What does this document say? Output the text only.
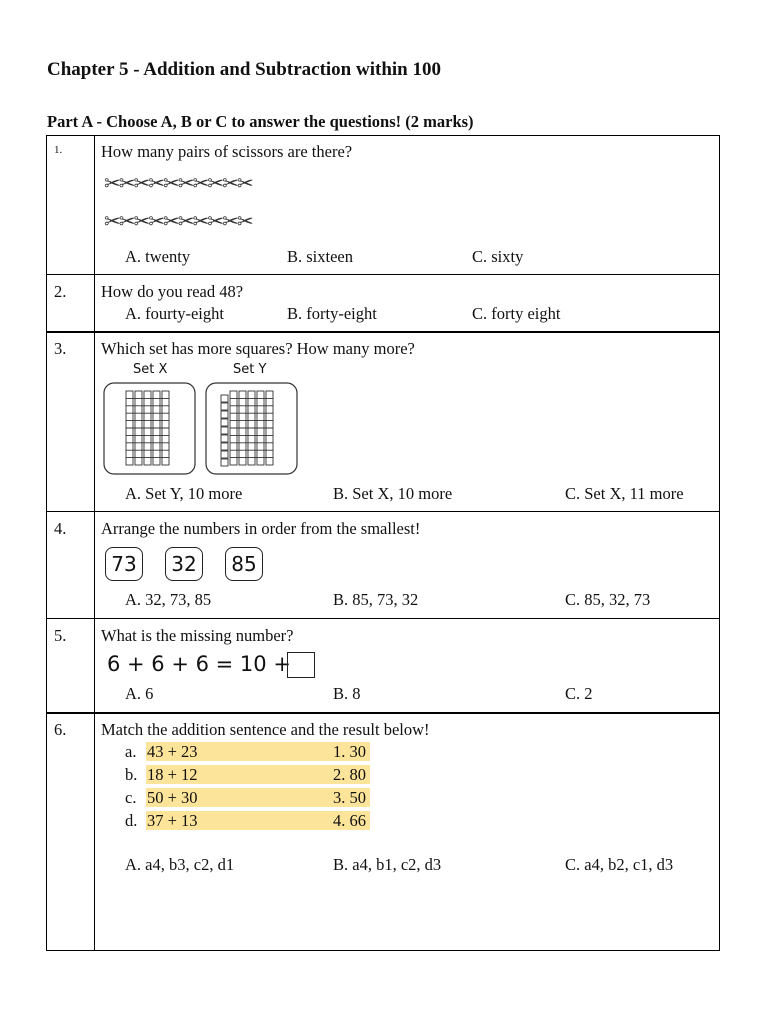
Chapter 5 - Addition and Subtraction within 100
Part A - Choose A, B or C to answer the questions! (2 marks)
1. How many pairs of scissors are there?
✂✂✂✂✂✂✂✂✂✂
✂✂✂✂✂✂✂✂✂✂
A. twenty	B. sixteen	C. sixty
2. How do you read 48?
A. fourty-eight	B. forty-eight	C. forty eight
3. Which set has more squares? How many more?
Set X	Set Y
A. Set Y, 10 more	B. Set X, 10 more	C. Set X, 11 more
4. Arrange the numbers in order from the smallest!
73	32	85
A. 32, 73, 85	B. 85, 73, 32	C. 85, 32, 73
5. What is the missing number?
6 + 6 + 6 = 10 +
A. 6	B. 8	C. 2
6. Match the addition sentence and the result below!
a. 43 + 23	1. 30
b. 18 + 12	2. 80
c. 50 + 30	3. 50
d. 37 + 13	4. 66
A. a4, b3, c2, d1	B. a4, b1, c2, d3	C. a4, b2, c1, d3
